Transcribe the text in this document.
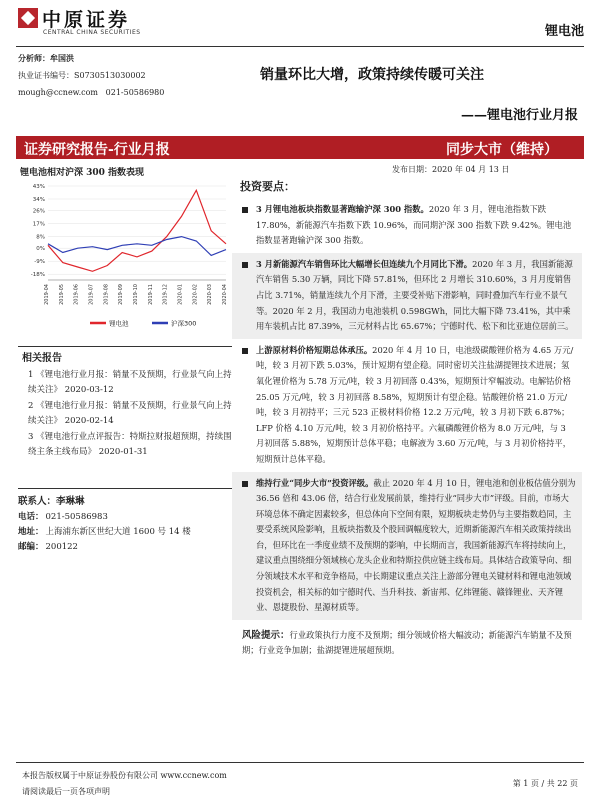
中原证券
CENTRAL CHINA SECURITIES	锂电池
分析师：牟国洪
执业证书编号：S0730513030002
mough@ccnew.com 021-50586980
销量环比大增，政策持续传暖可关注
——锂电池行业月报
证券研究报告-行业月报	同步大市（维持）
发布日期：2020 年 04 月 13 日
锂电池相对沪深 300 指数表现
43%
34%
26%
17%
8%
0%
-9%
-18%
2019-04 2019-05 2019-06 2019-07 2019-08 2019-09 2019-10 2019-11 2019-12 2020-01 2020-02 2020-03 2020-04
锂电池	沪深300
相关报告
1 《锂电池行业月报：销量不及预期，行业景气向上持续关注》 2020-03-12
2 《锂电池行业月报：销量不及预期，行业景气向上持续关注》 2020-02-14
3 《锂电池行业点评报告：特斯拉财报超预期，持续围绕主条主线布局》 2020-01-31
联系人：李琳琳
电话：	021-50586983
地址：	上海浦东新区世纪大道 1600 号 14 楼
邮编：	200122
投资要点：
3 月锂电池板块指数显著跑输沪深 300 指数。2020 年 3 月，锂电池指数下跌 17.80%，新能源汽车指数下跌 10.96%，而同期沪深 300 指数下跌 9.42%。锂电池指数显著跑输沪深 300 指数。
3 月新能源汽车销售环比大幅增长但连续九个月同比下滑。2020 年 3 月，我国新能源汽车销售 5.30 万辆，同比下降 57.81%，但环比 2 月增长 310.60%，3 月月度销售占比 3.71%，销量连续九个月下滑，主要受补贴下滑影响，同时叠加汽车行业不景气等。2020 年 2 月，我国动力电池装机 0.598GWh，同比大幅下降 73.41%，其中乘用车装机占比 87.39%，三元材料占比 65.67%；宁德时代、松下和比亚迪位居前三。
上游原材料价格短期总体承压。2020 年 4 月 10 日，电池级碳酸锂价格为 4.65 万元/吨，较 3 月初下跌 5.03%，预计短期有望企稳。同时密切关注盐湖提锂技术进展；氢氧化锂价格为 5.78 万元/吨，较 3 月初回落 0.43%，短期预计窄幅波动。电解钴价格 25.05 万元/吨，较 3 月初回落 8.58%，短期预计有望企稳。钴酸锂价格 21.0 万元/吨，较 3 月初持平；三元 523 正极材料价格 12.2 万元/吨，较 3 月初下跌 6.87%；LFP 价格 4.10 万元/吨，较 3 月初价格持平。六氟磷酸锂价格为 8.0 万元/吨，与 3 月初回落 5.88%，短期预计总体平稳；电解液为 3.60 万元/吨，与 3 月初价格持平，短期预计总体平稳。
维持行业“同步大市”投资评级。截止 2020 年 4 月 10 日，锂电池和创业板估值分别为 36.56 倍和 43.06 倍，结合行业发展前景，维持行业“同步大市”评级。目前，市场大环境总体不确定因素较多，但总体向下空间有限，短期板块走势仍与主要指数趋同，主要受系统风险影响，且板块指数及个股回调幅度较大，近期新能源汽车相关政策持续出台，但环比在一季度业绩不及预期的影响，中长期而言，我国新能源汽车将持续向上，建议重点围绕细分领域核心龙头企业和特斯拉供应链主线布局。具体结合政策导向、细分领域技术水平和竞争格局，中长期建议重点关注上游部分锂电关键材料和锂电池领域投资机会，相关标的如宁德时代、当升科技、新宙邦、亿纬锂能、赣锋锂业、天齐锂业、恩捷股份、星源材质等。
风险提示：行业政策执行力度不及预期；细分领域价格大幅波动；新能源汽车销量不及预期；行业竞争加剧；盐湖提锂进展超预期。
本报告版权属于中原证券股份有限公司 www.ccnew.com
请阅读最后一页各项声明
第 1 页 / 共 22 页
